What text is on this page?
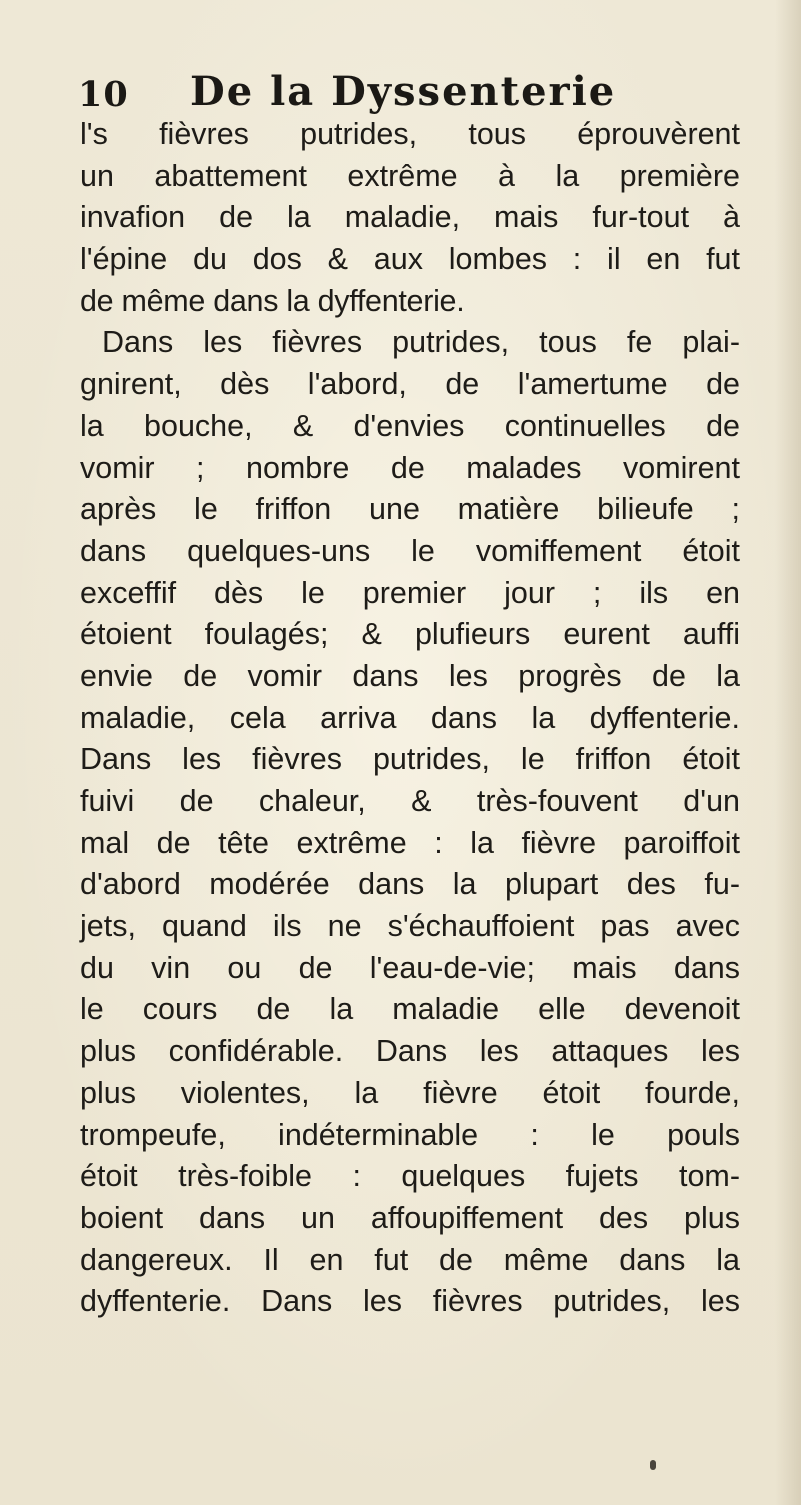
10 De la Dyssenterie
l's fièvres putrides, tous éprouvèrent
un abattement extrême à la première
invafion de la maladie, mais fur-tout à
l'épine du dos & aux lombes : il en fut
de même dans la dyffenterie.
Dans les fièvres putrides, tous fe plai-
gnirent, dès l'abord, de l'amertume de
la bouche, & d'envies continuelles de
vomir ; nombre de malades vomirent
après le friffon une matière bilieufe ;
dans quelques-uns le vomiffement étoit
exceffif dès le premier jour ; ils en
étoient foulagés; & plufieurs eurent auffi
envie de vomir dans les progrès de la
maladie, cela arriva dans la dyffenterie.
Dans les fièvres putrides, le friffon étoit
fuivi de chaleur, & très-fouvent d'un
mal de tête extrême : la fièvre paroiffoit
d'abord modérée dans la plupart des fu-
jets, quand ils ne s'échauffoient pas avec
du vin ou de l'eau-de-vie; mais dans
le cours de la maladie elle devenoit
plus confidérable. Dans les attaques les
plus violentes, la fièvre étoit fourde,
trompeufe, indéterminable : le pouls
étoit très-foible : quelques fujets tom-
boient dans un affoupiffement des plus
dangereux. Il en fut de même dans la
dyffenterie. Dans les fièvres putrides, les
